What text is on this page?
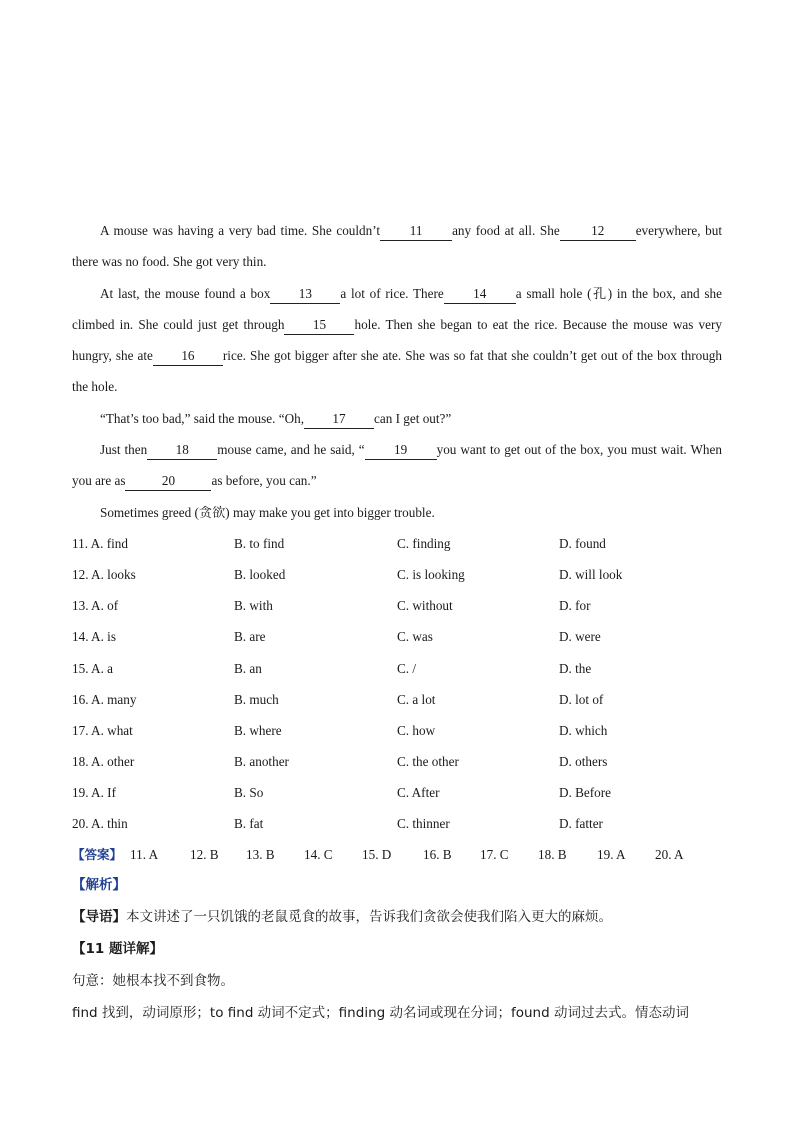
A mouse was having a very bad time. She couldn’t 11 any food at all. She 12 everywhere, but there was no food. She got very thin.
At last, the mouse found a box 13 a lot of rice. There 14 a small hole (孔) in the box, and she climbed in. She could just get through 15 hole. Then she began to eat the rice. Because the mouse was very hungry, she ate 16 rice. She got bigger after she ate. She was so fat that she couldn’t get out of the box through the hole.
“That’s too bad,” said the mouse. “Oh, 17 can I get out?”
Just then 18 mouse came, and he said, “ 19 you want to get out of the box, you must wait. When you are as	20	as before, you can.”
Sometimes greed (贪欲) may make you get into bigger trouble.
11. A. find	B. to find	C. finding	D. found
12. A. looks	B. looked	C. is looking	D. will look
13. A. of	B. with	C. without	D. for
14. A. is	B. are	C. was	D. were
15. A. a	B. an	C. /	D. the
16. A. many	B. much	C. a lot	D. lot of
17. A. what	B. where	C. how	D. which
18. A. other	B. another	C. the other	D. others
19. A. If	B. So	C. After	D. Before
20. A. thin	B. fat	C. thinner	D. fatter
【答案】 11. A 12. B 13. B 14. C 15. D 16. B 17. C 18. B 19. A 20. A
【解析】
【导语】本文讲述了一只饥饿的老鼠觅食的故事，告诉我们贪欲会使我们陷入更大的麻烦。
【11 题详解】
句意：她根本找不到食物。
find 找到，动词原形；to find 动词不定式；finding 动名词或现在分词；found 动词过去式。情态动词
